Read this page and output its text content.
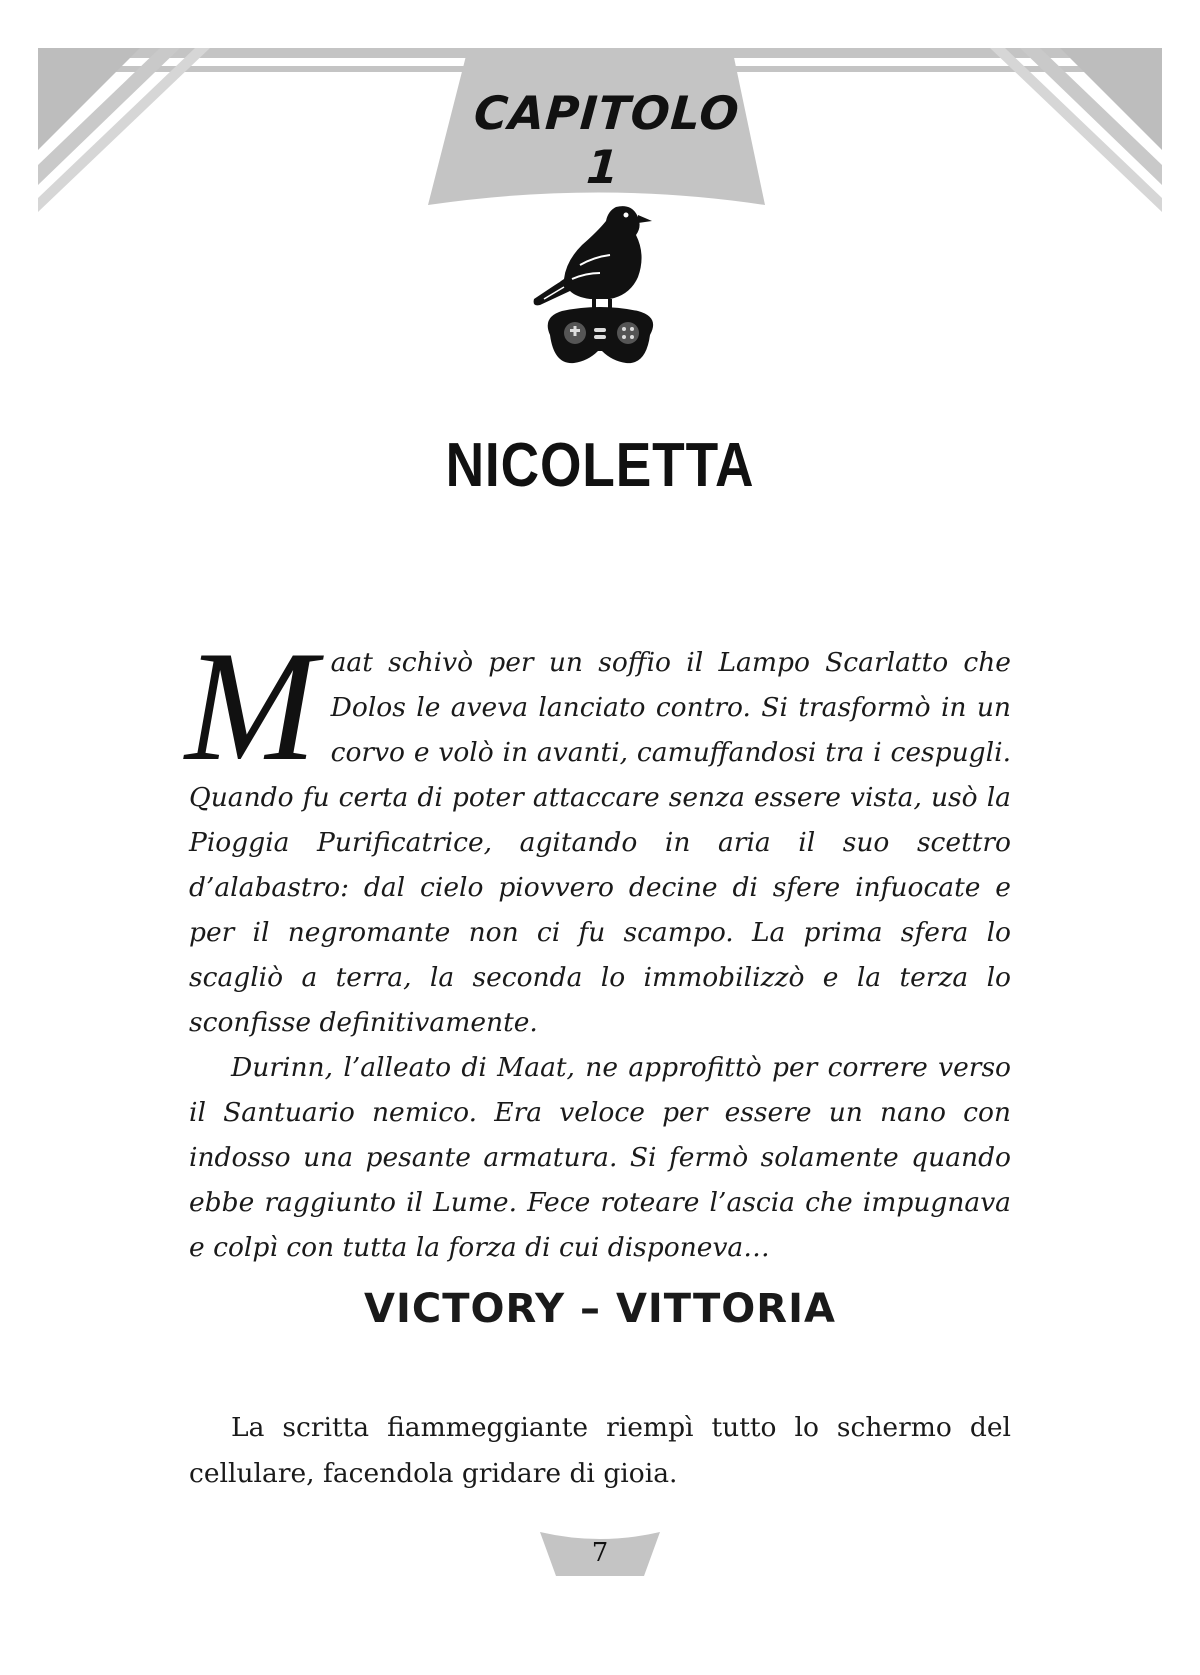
CAPITOLO 1
NICOLETTA

Maat schivò per un soffio il Lampo Scarlatto che Dolos le aveva lanciato contro. Si trasformò in un corvo e volò in avanti, camuffandosi tra i cespugli. Quando fu certa di poter attaccare senza essere vista, usò la Pioggia Purificatrice, agitando in aria il suo scettro d’alabastro: dal cielo piovvero decine di sfere infuocate e per il negromante non ci fu scampo. La prima sfera lo scagliò a terra, la seconda lo immobilizzò e la terza lo sconfisse definitivamente.

Durinn, l’alleato di Maat, ne approfittò per correre verso il Santuario nemico. Era veloce per essere un nano con indosso una pesante armatura. Si fermò solamente quando ebbe raggiunto il Lume. Fece roteare l’ascia che impugnava e colpì con tutta la forza di cui disponeva…

VICTORY – VITTORIA

La scritta fiammeggiante riempì tutto lo schermo del cellulare, facendola gridare di gioia.

7
